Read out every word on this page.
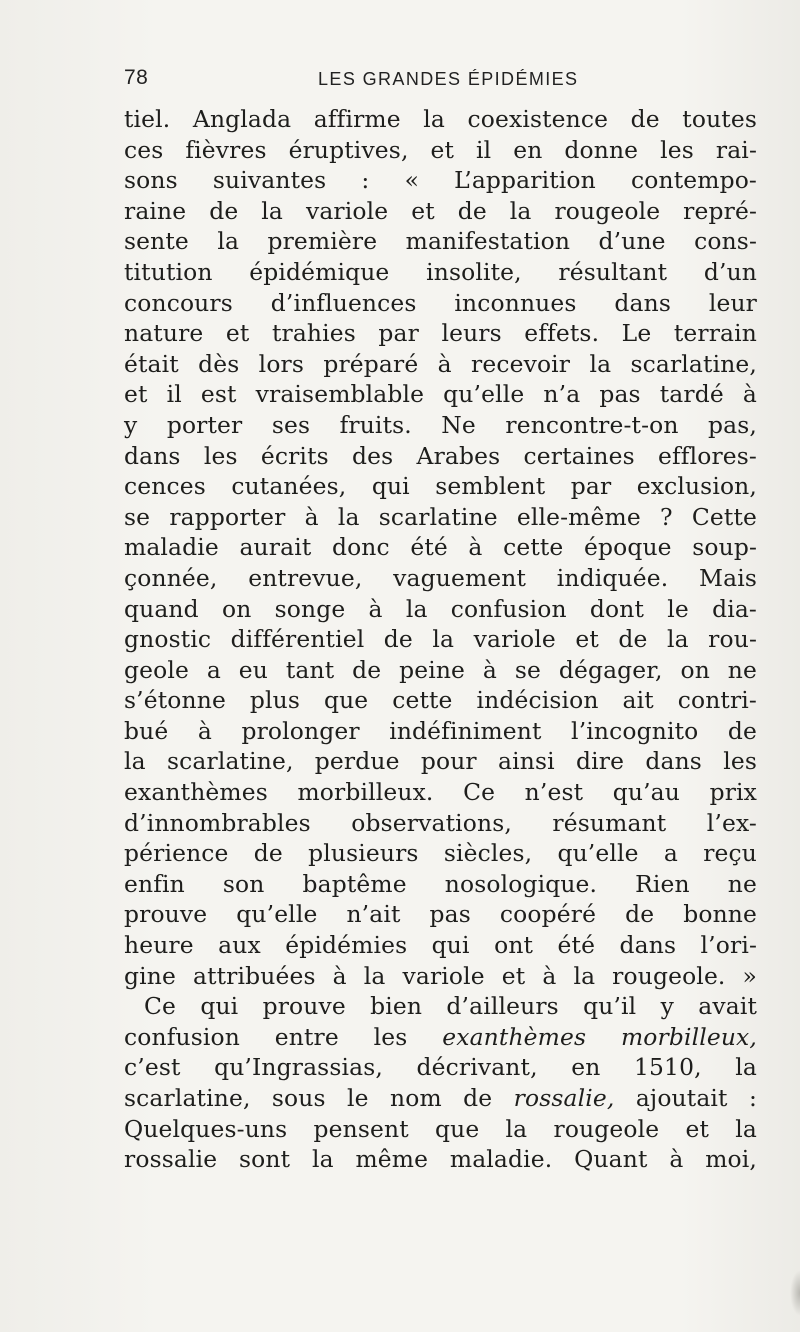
78	LES GRANDES ÉPIDÉMIES
tiel. Anglada affirme la coexistence de toutes
ces fièvres éruptives, et il en donne les rai-
sons suivantes : « L’apparition contempo-
raine de la variole et de la rougeole repré-
sente la première manifestation d’une cons-
titution épidémique insolite, résultant d’un
concours d’influences inconnues dans leur
nature et trahies par leurs effets. Le terrain
était dès lors préparé à recevoir la scarlatine,
et il est vraisemblable qu’elle n’a pas tardé à
y porter ses fruits. Ne rencontre-t-on pas,
dans les écrits des Arabes certaines efflores-
cences cutanées, qui semblent par exclusion,
se rapporter à la scarlatine elle-même ? Cette
maladie aurait donc été à cette époque soup-
çonnée, entrevue, vaguement indiquée. Mais
quand on songe à la confusion dont le dia-
gnostic différentiel de la variole et de la rou-
geole a eu tant de peine à se dégager, on ne
s’étonne plus que cette indécision ait contri-
bué à prolonger indéfiniment l’incognito de
la scarlatine, perdue pour ainsi dire dans les
exanthèmes morbilleux. Ce n’est qu’au prix
d’innombrables observations, résumant l’ex-
périence de plusieurs siècles, qu’elle a reçu
enfin son baptême nosologique. Rien ne
prouve qu’elle n’ait pas coopéré de bonne
heure aux épidémies qui ont été dans l’ori-
gine attribuées à la variole et à la rougeole. »
Ce qui prouve bien d’ailleurs qu’il y avait
confusion entre les exanthèmes morbilleux,
c’est qu’Ingrassias, décrivant, en 1510, la
scarlatine, sous le nom de rossalie, ajoutait :
Quelques-uns pensent que la rougeole et la
rossalie sont la même maladie. Quant à moi,
